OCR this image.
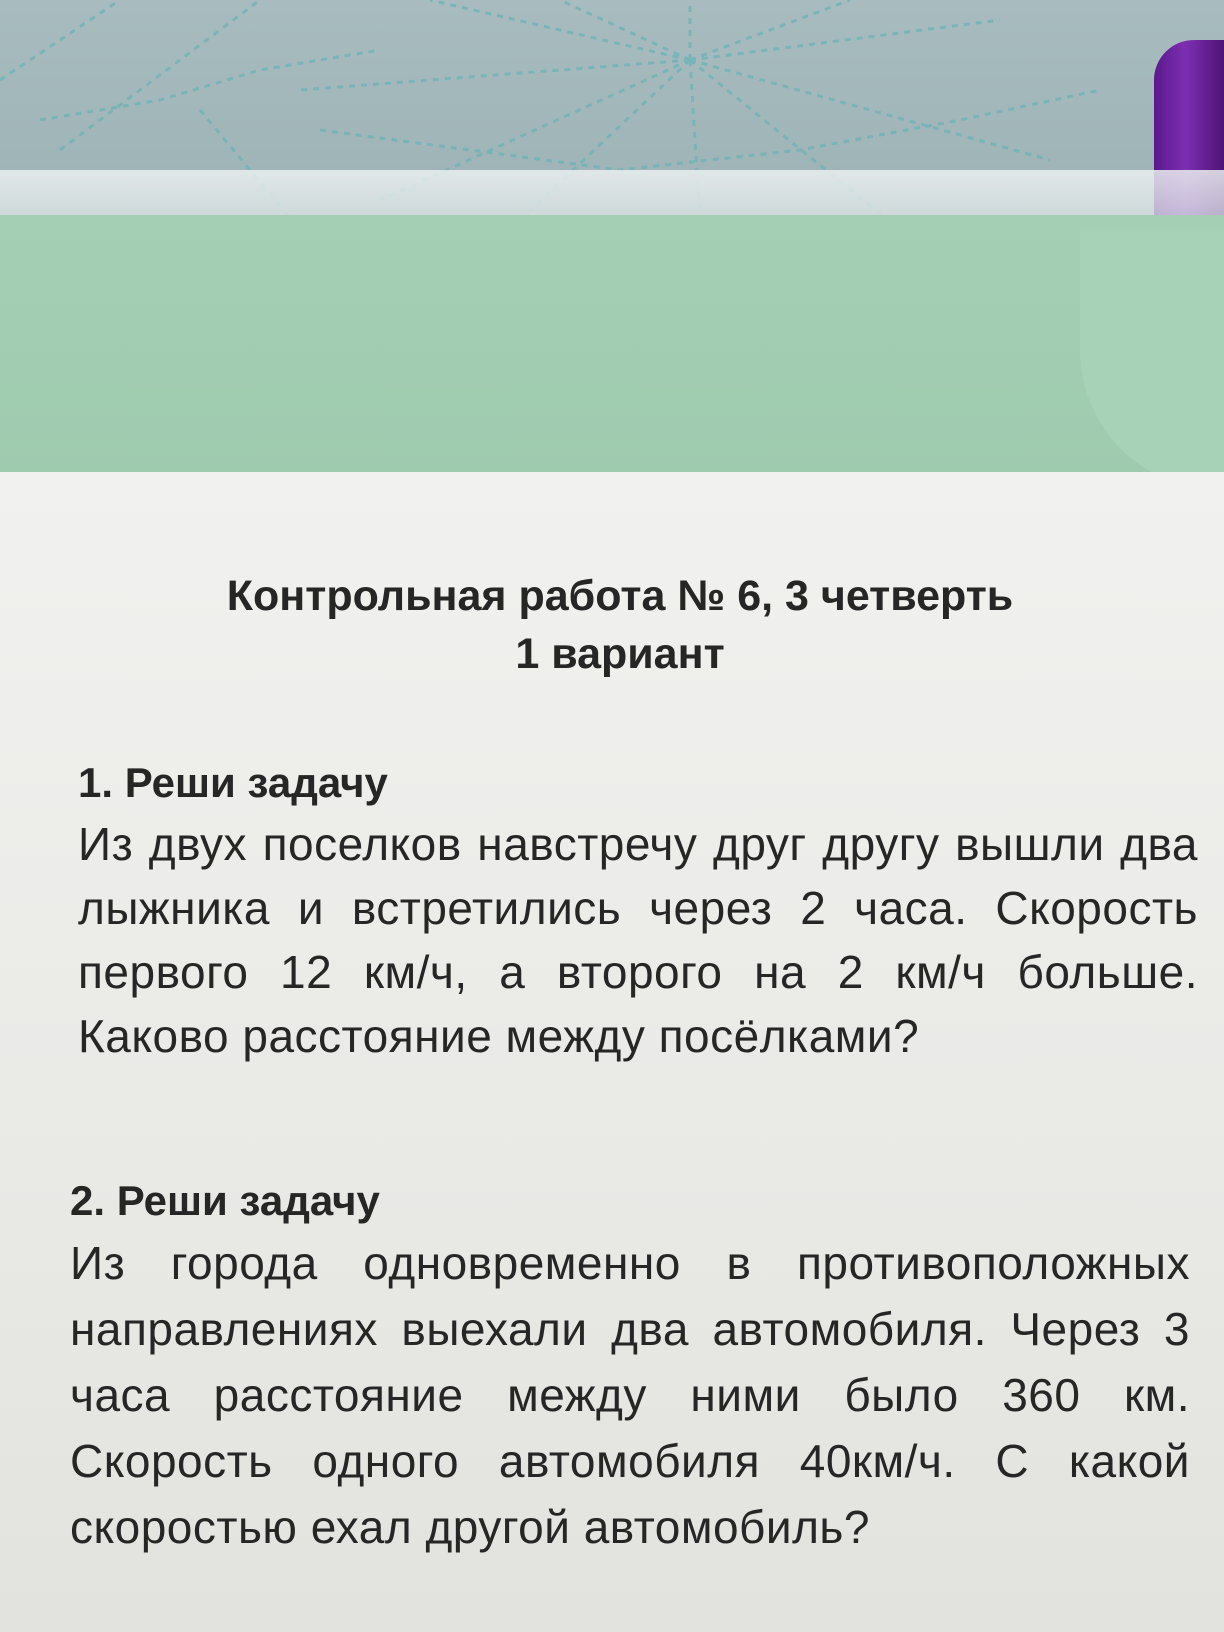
Контрольная работа № 6, 3 четверть
1 вариант
1. Реши задачу

Из двух поселков навстречу друг другу вышли два лыжника и встретились через 2 часа. Скорость первого 12 км/ч, а второго на 2 км/ч больше. Каково расстояние между посёлками?

2. Реши задачу

Из города одновременно в противоположных направлениях выехали два автомобиля. Через 3 часа расстояние между ними было 360 км. Скорость одного автомобиля 40км/ч. С какой скоростью ехал другой автомобиль?
